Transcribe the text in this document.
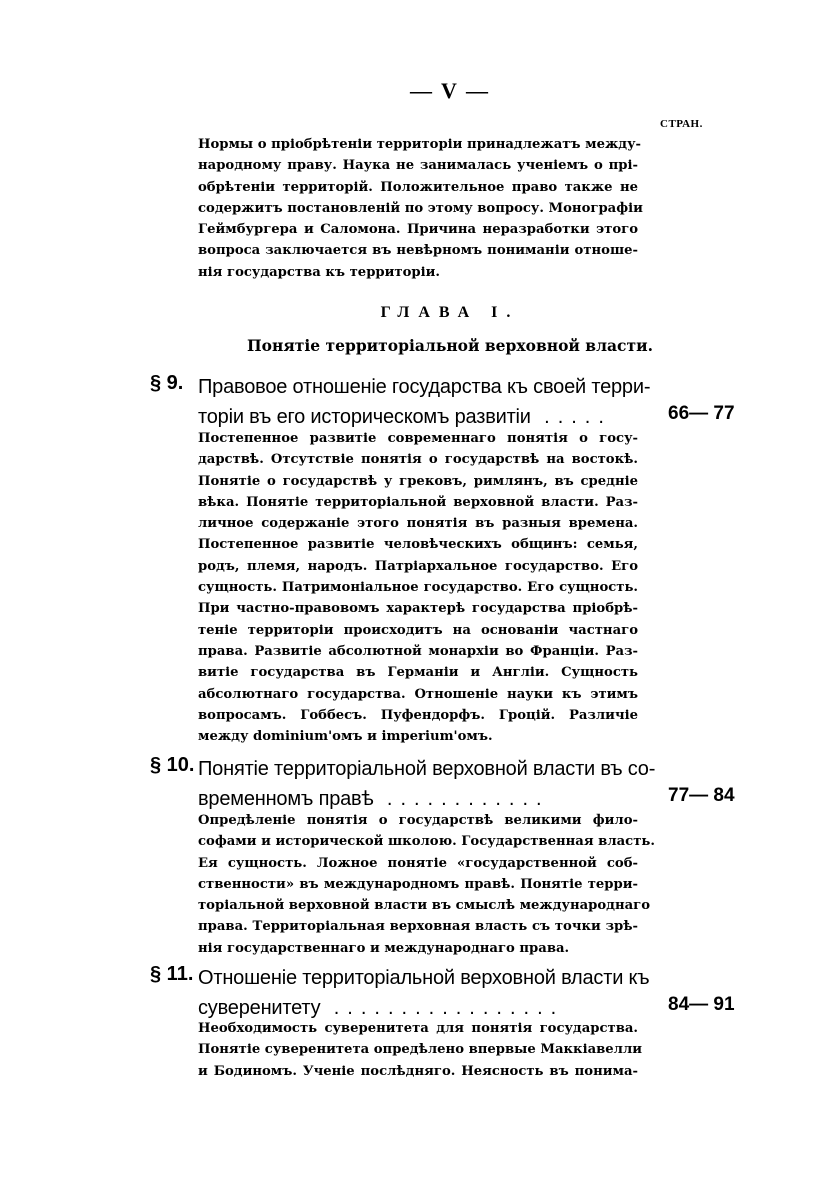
— V —
СТРАН.
Нормы о пріобрѣтеніи территоріи принадлежатъ между-
народному праву. Наука не занималась ученіемъ о прі-
обрѣтеніи территорій. Положительное право также не
содержитъ постановленій по этому вопросу. Монографіи
Геймбургера и Саломона. Причина неразработки этого
вопроса заключается въ невѣрномъ пониманіи отноше-
нія государства къ территоріи.
ГЛАВА I.
Понятіе территоріальной верховной власти.
§ 9. Правовое отношеніе государства къ своей терри-
торіи въ его историческомъ развитіи .....	66— 77
Постепенное развитіе современнаго понятія о госу-
дарствѣ. Отсутствіе понятія о государствѣ на востокѣ.
Понятіе о государствѣ у грековъ, римлянъ, въ средніе
вѣка. Понятіе территоріальной верховной власти. Раз-
личное содержаніе этого понятія въ разныя времена.
Постепенное развитіе человѣческихъ общинъ: семья,
родъ, племя, народъ. Патріархальное государство. Его
сущность. Патримоніальное государство. Его сущность.
При частно-правовомъ характерѣ государства пріобрѣ-
теніе территоріи происходитъ на основаніи частнаго
права. Развитіе абсолютной монархіи во Франціи. Раз-
витіе государства въ Германіи и Англіи. Сущность
абсолютнаго государства. Отношеніе науки къ этимъ
вопросамъ. Гоббесъ. Пуфендорфъ. Гроцій. Различіе
между dominium'омъ и imperium'омъ.
§ 10. Понятіе территоріальной верховной власти въ со-
временномъ правѣ ............	77— 84
Опредѣленіе понятія о государствѣ великими фило-
софами и исторической школою. Государственная власть.
Ея сущность. Ложное понятіе «государственной соб-
ственности» въ международномъ правѣ. Понятіе терри-
торіальной верховной власти въ смыслѣ международнаго
права. Территоріальная верховная власть съ точки зрѣ-
нія государственнаго и международнаго права.
§ 11. Отношеніе территоріальной верховной власти къ
суверенитету .................	84— 91
Необходимость суверенитета для понятія государства.
Понятіе суверенитета опредѣлено впервые Маккіавелли
и Бодиномъ. Ученіе послѣдняго. Неясность въ понима-
